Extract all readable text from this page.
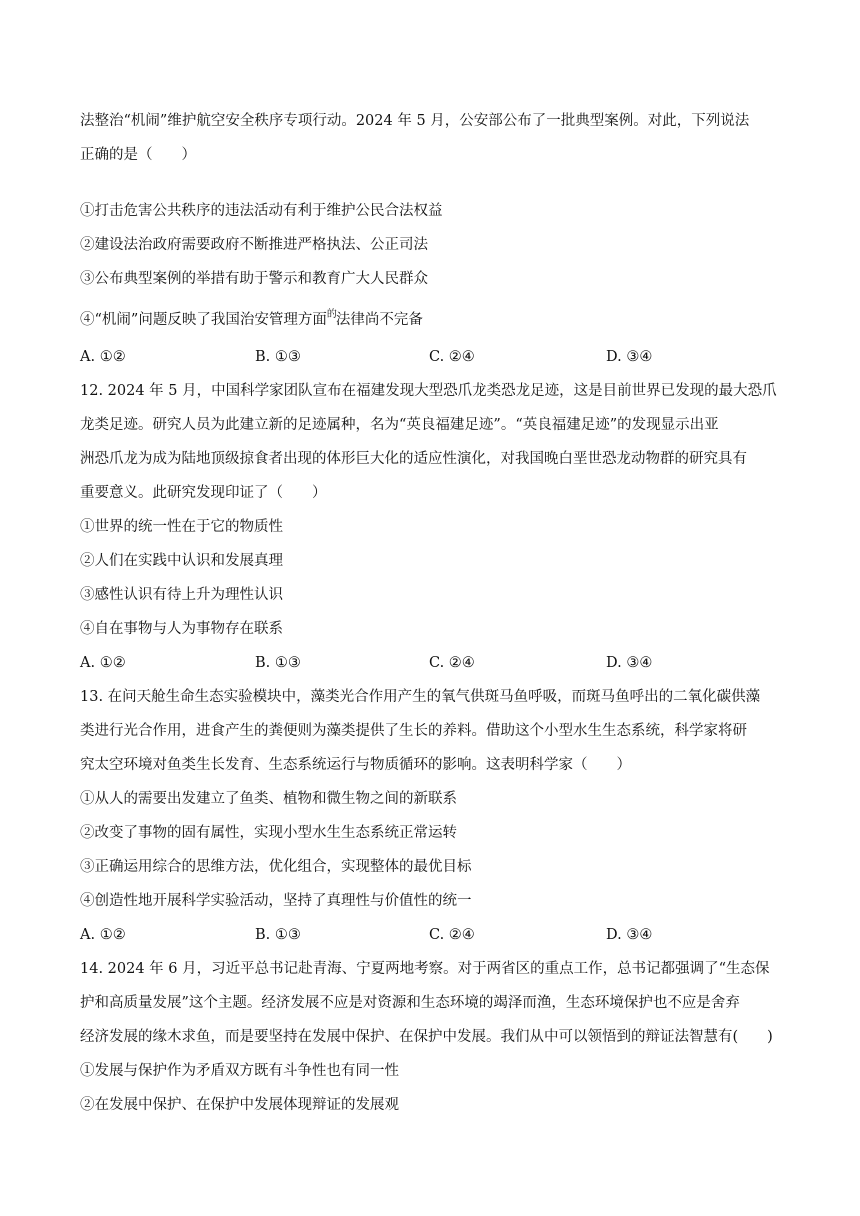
法整治“机闹”维护航空安全秩序专项行动。2024 年 5 月，公安部公布了一批典型案例。对此，下列说法
正确的是（　　）
①打击危害公共秩序的违法活动有利于维护公民合法权益
②建设法治政府需要政府不断推进严格执法、公正司法
③公布典型案例的举措有助于警示和教育广大人民群众
④“机闹”问题反映了我国治安管理方面$^的$法律尚不完备
A. ①②	B. ①③	C. ②④	D. ③④
12. 2024 年 5 月，中国科学家团队宣布在福建发现大型恐爪龙类恐龙足迹，这是目前世界已发现的最大恐爪
龙类足迹。研究人员为此建立新的足迹属种，名为“英良福建足迹”。“英良福建足迹”的发现显示出亚
洲恐爪龙为成为陆地顶级掠食者出现的体形巨大化的适应性演化，对我国晚白垩世恐龙动物群的研究具有
重要意义。此研究发现印证了（　　）
①世界的统一性在于它的物质性
②人们在实践中认识和发展真理
③感性认识有待上升为理性认识
④自在事物与人为事物存在联系
A. ①②	B. ①③	C. ②④	D. ③④
13. 在问天舱生命生态实验模块中，藻类光合作用产生的氧气供斑马鱼呼吸，而斑马鱼呼出的二氧化碳供藻
类进行光合作用，进食产生的粪便则为藻类提供了生长的养料。借助这个小型水生生态系统，科学家将研
究太空环境对鱼类生长发育、生态系统运行与物质循环的影响。这表明科学家（　　）
①从人的需要出发建立了鱼类、植物和微生物之间的新联系
②改变了事物的固有属性，实现小型水生生态系统正常运转
③正确运用综合的思维方法，优化组合，实现整体的最优目标
④创造性地开展科学实验活动，坚持了真理性与价值性的统一
A. ①②	B. ①③	C. ②④	D. ③④
14. 2024 年 6 月，习近平总书记赴青海、宁夏两地考察。对于两省区的重点工作，总书记都强调了“生态保
护和高质量发展”这个主题。经济发展不应是对资源和生态环境的竭泽而渔，生态环境保护也不应是舍弃
经济发展的缘木求鱼，而是要坚持在发展中保护、在保护中发展。我们从中可以领悟到的辩证法智慧有(　　)
①发展与保护作为矛盾双方既有斗争性也有同一性
②在发展中保护、在保护中发展体现辩证的发展观
